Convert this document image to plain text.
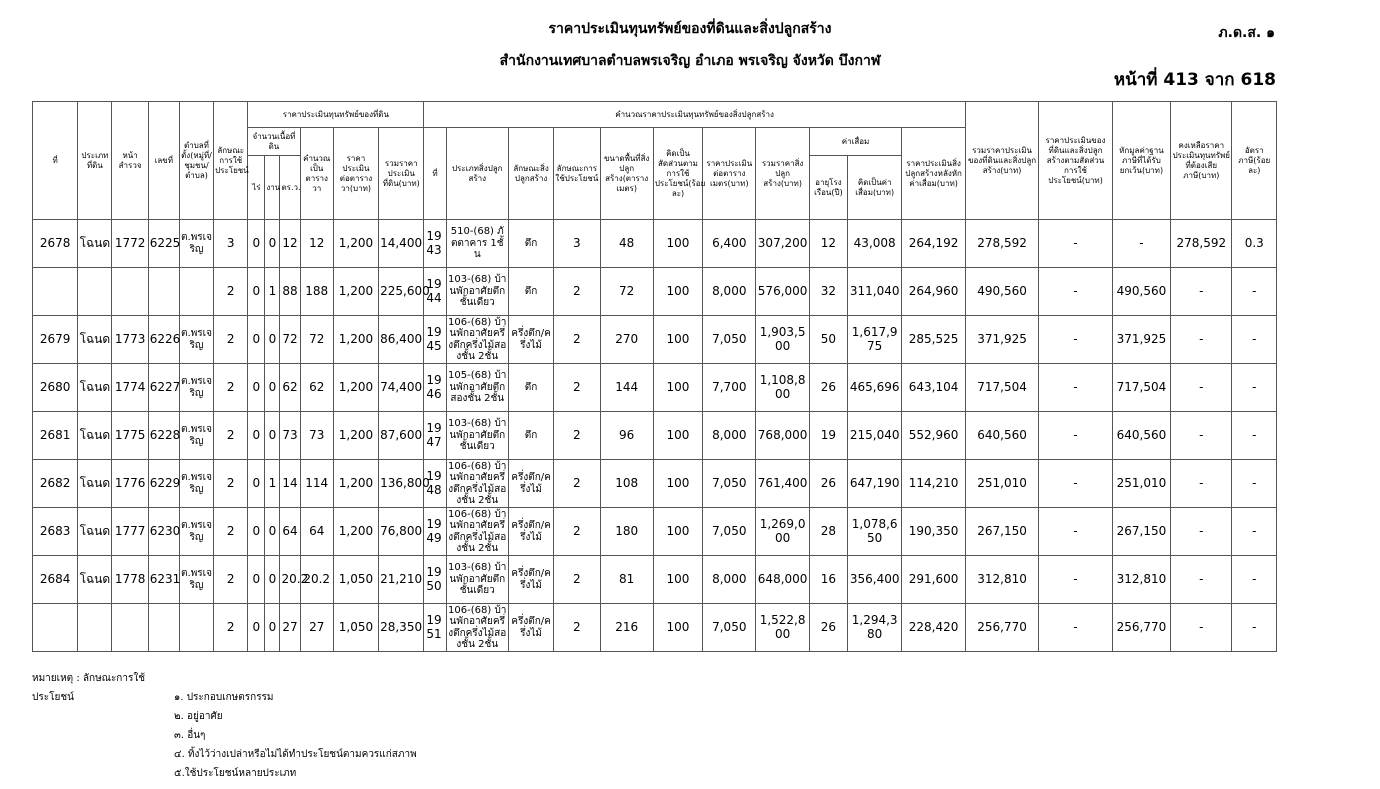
ราคาประเมินทุนทรัพย์ของที่ดินและสิ่งปลูกสร้าง
สำนักงานเทศบาลตำบลพรเจริญ อำเภอ พรเจริญ จังหวัด บึงกาฬ
ภ.ด.ส. ๑
หน้าที่ 413 จาก 618
ที่	ประเภทที่ดิน	หน้าสำรวจ	เลขที่	ตำบลที่ตั้ง(หมู่ที่/ชุมชน/ตำบล)	ลักษณะการใช้ประโยชน์	ราคาประเมินทุนทรัพย์ของที่ดิน						คำนวณราคาประเมินทุนทรัพย์ของสิ่งปลูกสร้าง											รวมราคาประเมินของที่ดินและสิ่งปลูกสร้าง(บาท)	ราคาประเมินของที่ดินและสิ่งปลูกสร้างตามสัดส่วนการใช้ประโยชน์(บาท)	หักมูลค่าฐานภาษีที่ได้รับยกเว้น(บาท)	คงเหลือราคาประเมินทุนทรัพย์ที่ต้องเสียภาษี(บาท)	อัตราภาษี(ร้อยละ)
						จำนวนเนื้อที่ดิน			คำนวณเป็นตารางวา	ราคาประเมินต่อตารางวา(บาท)	รวมราคาประเมินที่ดิน(บาท)	ที่	ประเภทสิ่งปลูกสร้าง	ลักษณะสิ่งปลูกสร้าง	ลักษณะการใช้ประโยชน์	ขนาดพื้นที่สิ่งปลูกสร้าง(ตารางเมตร)	คิดเป็นสัดส่วนตามการใช้ประโยชน์(ร้อยละ)	ราคาประเมินต่อตารางเมตร(บาท)	รวมราคาสิ่งปลูกสร้าง(บาท)	ค่าเสื่อม		ราคาประเมินสิ่งปลูกสร้างหลังหักค่าเสื่อม(บาท)					
						ไร่	งาน	ตร.ว.												อายุโรงเรือน(ปี)	คิดเป็นค่าเสื่อม(บาท)						
2678	โฉนด	1772	6225	ต.พรเจริญ	3	0	0	12	12	1,200	14,400	1943	510-(68) ภัตตาคาร 1ชั้น	ตึก	3	48	100	6,400	307,200	12	43,008	264,192	278,592	-	-	278,592	0.3
					2	0	1	88	188	1,200	225,600	1944	103-(68) บ้านพักอาศัยตึกชั้นเดียว	ตึก	2	72	100	8,000	576,000	32	311,040	264,960	490,560	-	490,560	-	-
2679	โฉนด	1773	6226	ต.พรเจริญ	2	0	0	72	72	1,200	86,400	1945	106-(68) บ้านพักอาศัยครึ่งตึกครึ่งไม้สองชั้น 2ชั้น	ครึ่งตึก/ครึ่งไม้	2	270	100	7,050	1,903,500	50	1,617,975	285,525	371,925	-	371,925	-	-
2680	โฉนด	1774	6227	ต.พรเจริญ	2	0	0	62	62	1,200	74,400	1946	105-(68) บ้านพักอาศัยตึกสองชั้น 2ชั้น	ตึก	2	144	100	7,700	1,108,800	26	465,696	643,104	717,504	-	717,504	-	-
2681	โฉนด	1775	6228	ต.พรเจริญ	2	0	0	73	73	1,200	87,600	1947	103-(68) บ้านพักอาศัยตึกชั้นเดียว	ตึก	2	96	100	8,000	768,000	19	215,040	552,960	640,560	-	640,560	-	-
2682	โฉนด	1776	6229	ต.พรเจริญ	2	0	1	14	114	1,200	136,800	1948	106-(68) บ้านพักอาศัยครึ่งตึกครึ่งไม้สองชั้น 2ชั้น	ครึ่งตึก/ครึ่งไม้	2	108	100	7,050	761,400	26	647,190	114,210	251,010	-	251,010	-	-
2683	โฉนด	1777	6230	ต.พรเจริญ	2	0	0	64	64	1,200	76,800	1949	106-(68) บ้านพักอาศัยครึ่งตึกครึ่งไม้สองชั้น 2ชั้น	ครึ่งตึก/ครึ่งไม้	2	180	100	7,050	1,269,000	28	1,078,650	190,350	267,150	-	267,150	-	-
2684	โฉนด	1778	6231	ต.พรเจริญ	2	0	0	20.2	20.2	1,050	21,210	1950	103-(68) บ้านพักอาศัยตึกชั้นเดียว	ครึ่งตึก/ครึ่งไม้	2	81	100	8,000	648,000	16	356,400	291,600	312,810	-	312,810	-	-
					2	0	0	27	27	1,050	28,350	1951	106-(68) บ้านพักอาศัยครึ่งตึกครึ่งไม้สองชั้น 2ชั้น	ครึ่งตึก/ครึ่งไม้	2	216	100	7,050	1,522,800	26	1,294,380	228,420	256,770	-	256,770	-	-
หมายเหตุ : ลักษณะการใช้ประโยชน์	๑. ประกอบเกษตรกรรม
๒. อยู่อาศัย
๓. อื่นๆ
๔. ทิ้งไว้ว่างเปล่าหรือไม่ได้ทำประโยชน์ตามควรแก่สภาพ
๕.ใช้ประโยชน์หลายประเภท
